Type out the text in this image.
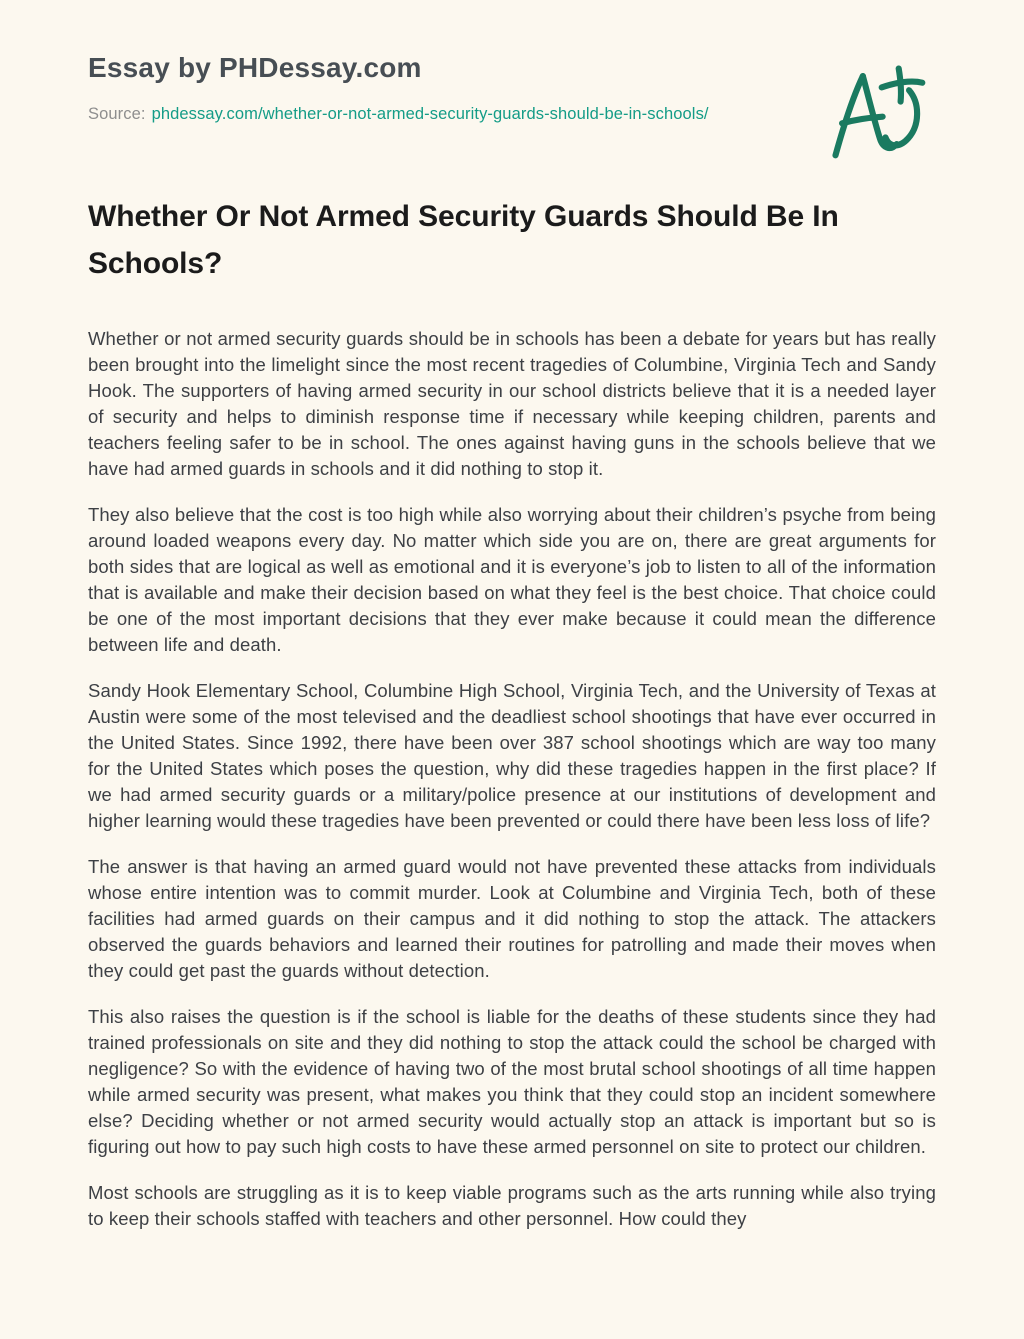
Essay by PHDessay.com
Source: phdessay.com/whether-or-not-armed-security-guards-should-be-in-schools/
Whether Or Not Armed Security Guards Should Be In Schools?

Whether or not armed security guards should be in schools has been a debate for years but has really been brought into the limelight since the most recent tragedies of Columbine, Virginia Tech and Sandy Hook. The supporters of having armed security in our school districts believe that it is a needed layer of security and helps to diminish response time if necessary while keeping children, parents and teachers feeling safer to be in school. The ones against having guns in the schools believe that we have had armed guards in schools and it did nothing to stop it.

They also believe that the cost is too high while also worrying about their children’s psyche from being around loaded weapons every day. No matter which side you are on, there are great arguments for both sides that are logical as well as emotional and it is everyone’s job to listen to all of the information that is available and make their decision based on what they feel is the best choice. That choice could be one of the most important decisions that they ever make because it could mean the difference between life and death.

Sandy Hook Elementary School, Columbine High School, Virginia Tech, and the University of Texas at Austin were some of the most televised and the deadliest school shootings that have ever occurred in the United States. Since 1992, there have been over 387 school shootings which are way too many for the United States which poses the question, why did these tragedies happen in the first place? If we had armed security guards or a military/police presence at our institutions of development and higher learning would these tragedies have been prevented or could there have been less loss of life?

The answer is that having an armed guard would not have prevented these attacks from individuals whose entire intention was to commit murder. Look at Columbine and Virginia Tech, both of these facilities had armed guards on their campus and it did nothing to stop the attack. The attackers observed the guards behaviors and learned their routines for patrolling and made their moves when they could get past the guards without detection.

This also raises the question is if the school is liable for the deaths of these students since they had trained professionals on site and they did nothing to stop the attack could the school be charged with negligence? So with the evidence of having two of the most brutal school shootings of all time happen while armed security was present, what makes you think that they could stop an incident somewhere else? Deciding whether or not armed security would actually stop an attack is important but so is figuring out how to pay such high costs to have these armed personnel on site to protect our children.

Most schools are struggling as it is to keep viable programs such as the arts running while also trying to keep their schools staffed with teachers and other personnel. How could they
